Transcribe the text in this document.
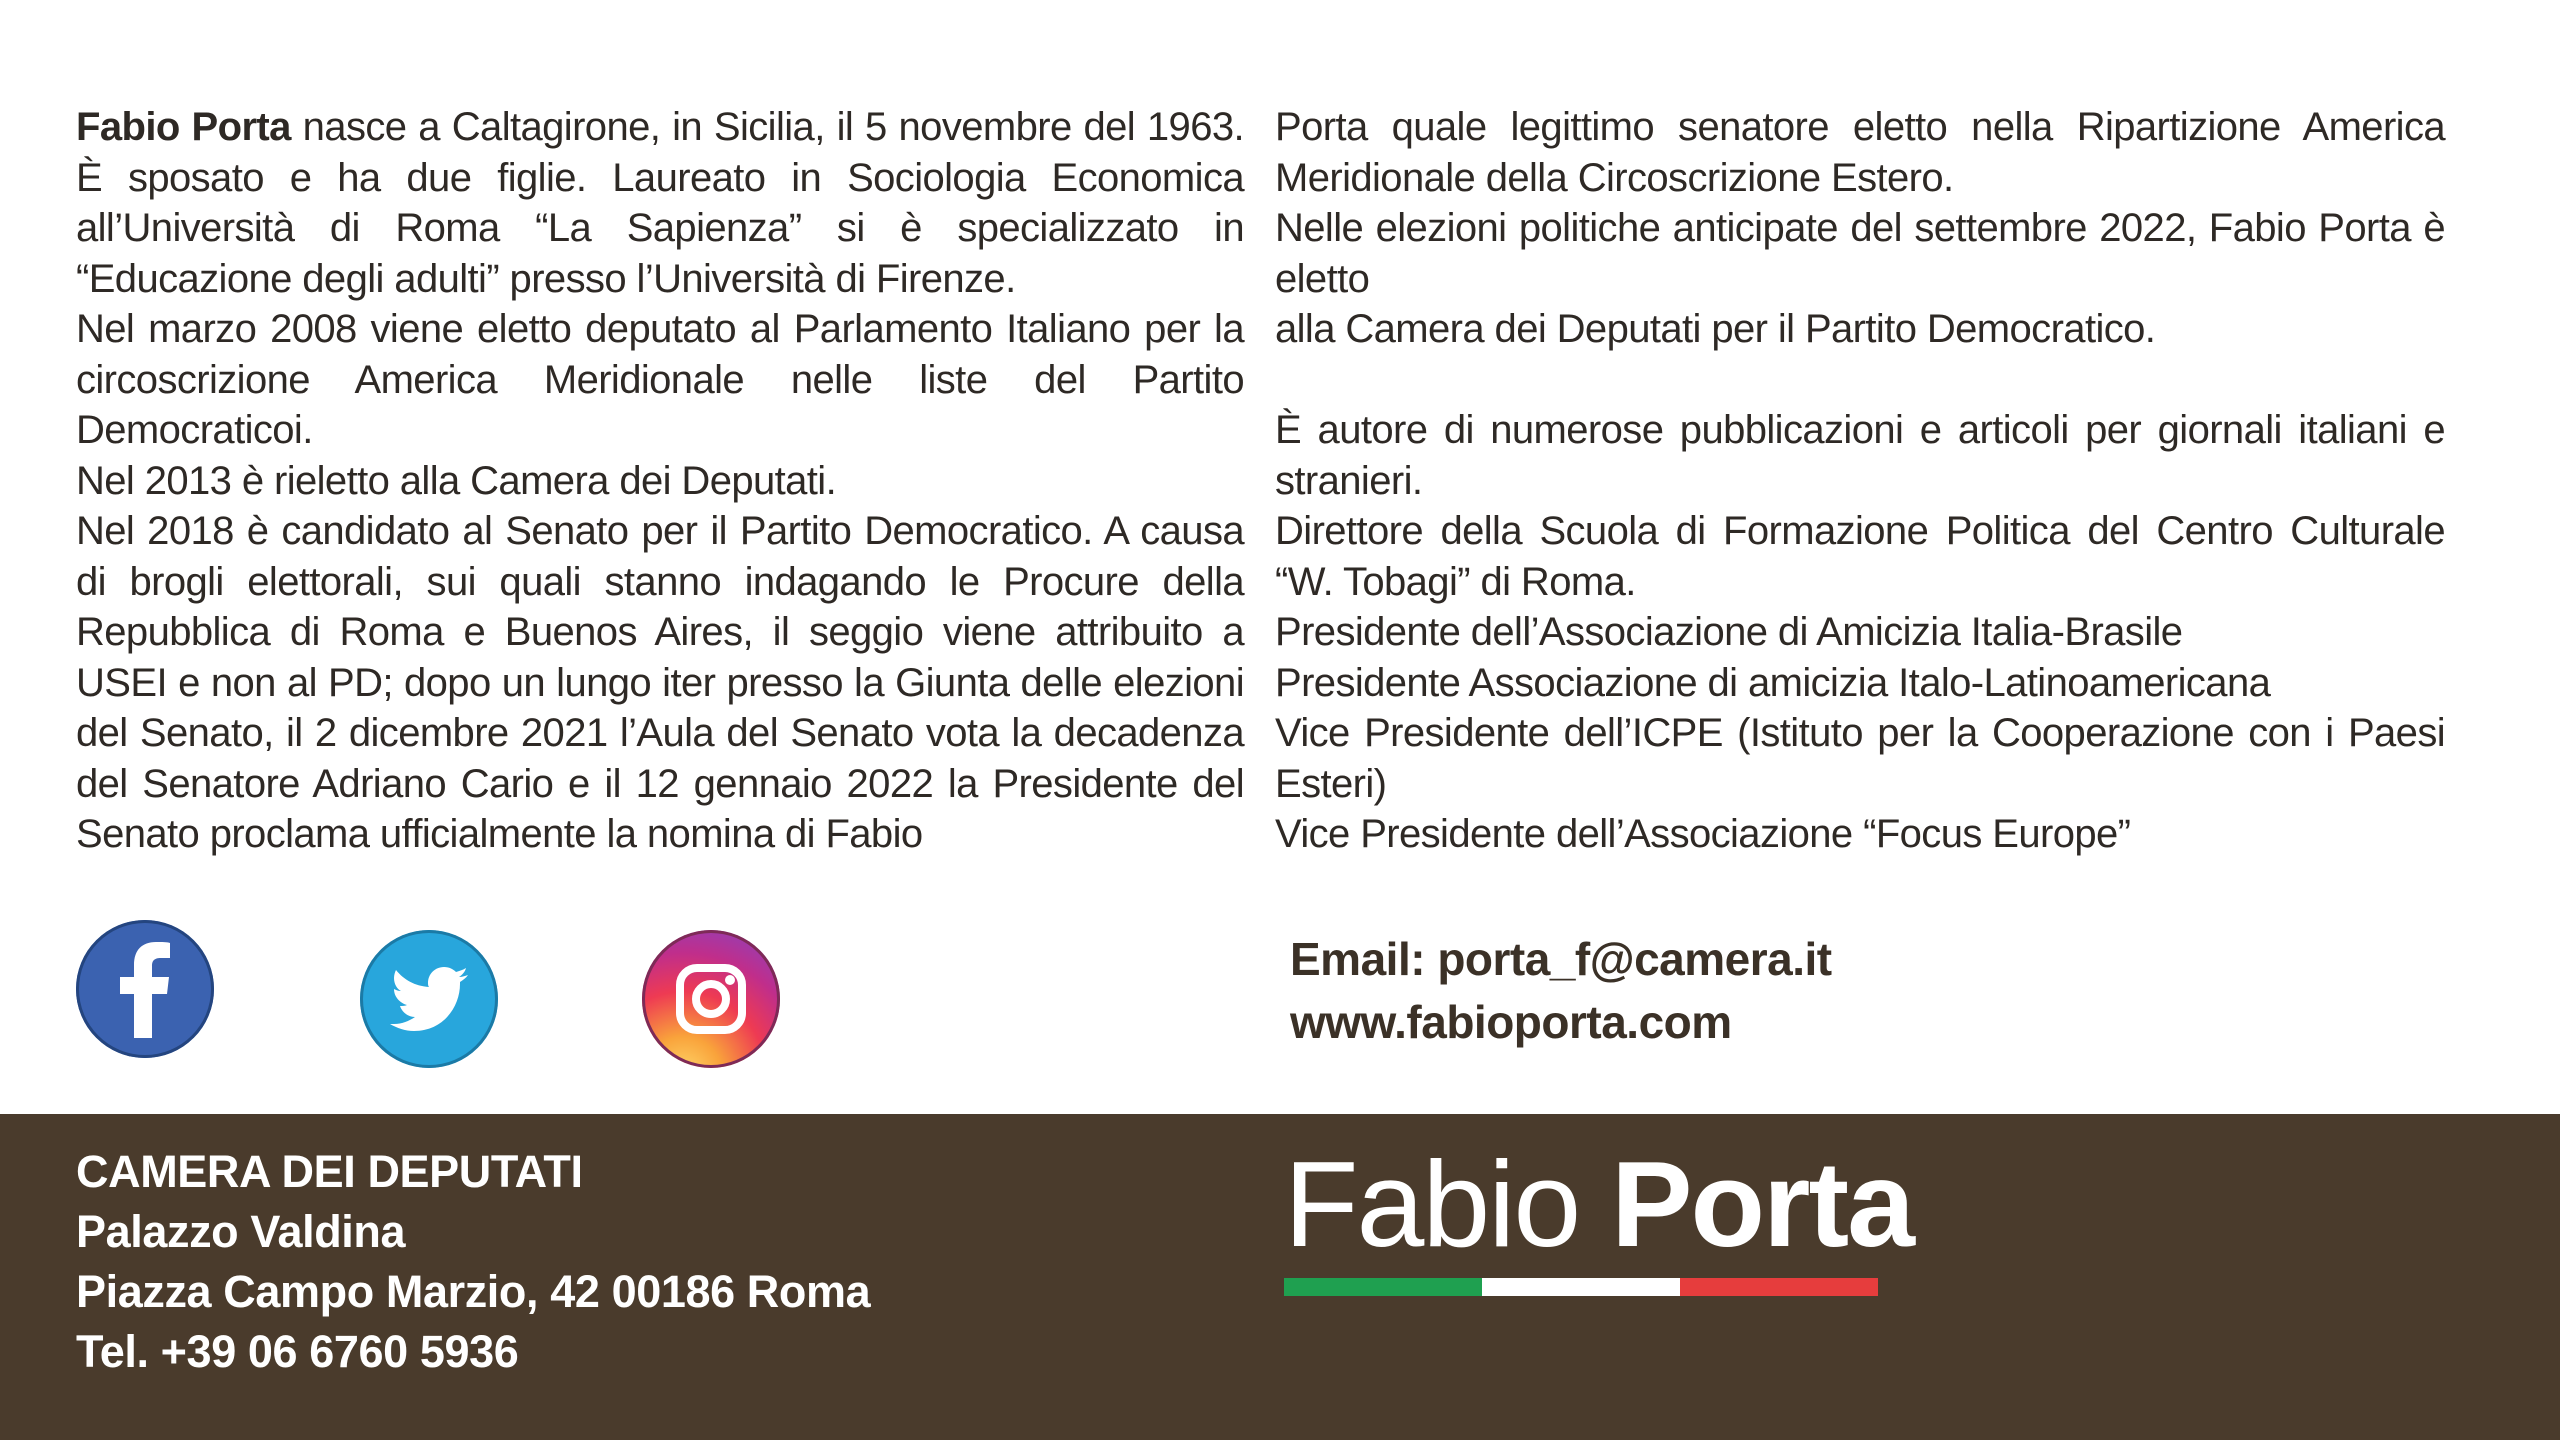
Fabio Porta nasce a Caltagirone, in Sicilia, il 5 novembre del 1963. È sposato e ha due figlie. Laureato in Sociologia Economica all’Università di Roma “La Sapienza” si è specializzato in “Educazione degli adulti” presso l’Università di Firenze.

Nel marzo 2008 viene eletto deputato al Parlamento Italiano per la circoscrizione America Meridionale nelle liste del Partito Democraticoi.

Nel 2013 è rieletto alla Camera dei Deputati.

Nel 2018 è candidato al Senato per il Partito Democratico. A causa di brogli elettorali, sui quali stanno indagando le Procure della Repubblica di Roma e Buenos Aires, il seggio viene attribuito a USEI e non al PD; dopo un lungo iter presso la Giunta delle elezioni del Senato, il 2 dicembre 2021 l’Aula del Senato vota la decadenza del Senatore Adriano Cario e il 12 gennaio 2022 la Presidente del Senato proclama ufficialmente la nomina di Fabio

Porta quale legittimo senatore eletto nella Ripartizione America Meridionale della Circoscrizione Estero.

Nelle elezioni politiche anticipate del settembre 2022, Fabio Porta è eletto

alla Camera dei Deputati per il Partito Democratico.

È autore di numerose pubblicazioni e articoli per giornali italiani e stranieri.

Direttore della Scuola di Formazione Politica del Centro Culturale “W. Tobagi” di Roma.

Presidente dell’Associazione di Amicizia Italia-Brasile

Presidente Associazione di amicizia Italo-Latinoamericana

Vice Presidente dell’ICPE (Istituto per la Cooperazione con i Paesi Esteri)

Vice Presidente dell’Associazione “Focus Europe”

Email: porta_f@camera.it
www.fabioporta.com
CAMERA DEI DEPUTATI
Palazzo Valdina
Piazza Campo Marzio, 42 00186 Roma
Tel. +39 06 6760 5936
Fabio Porta
